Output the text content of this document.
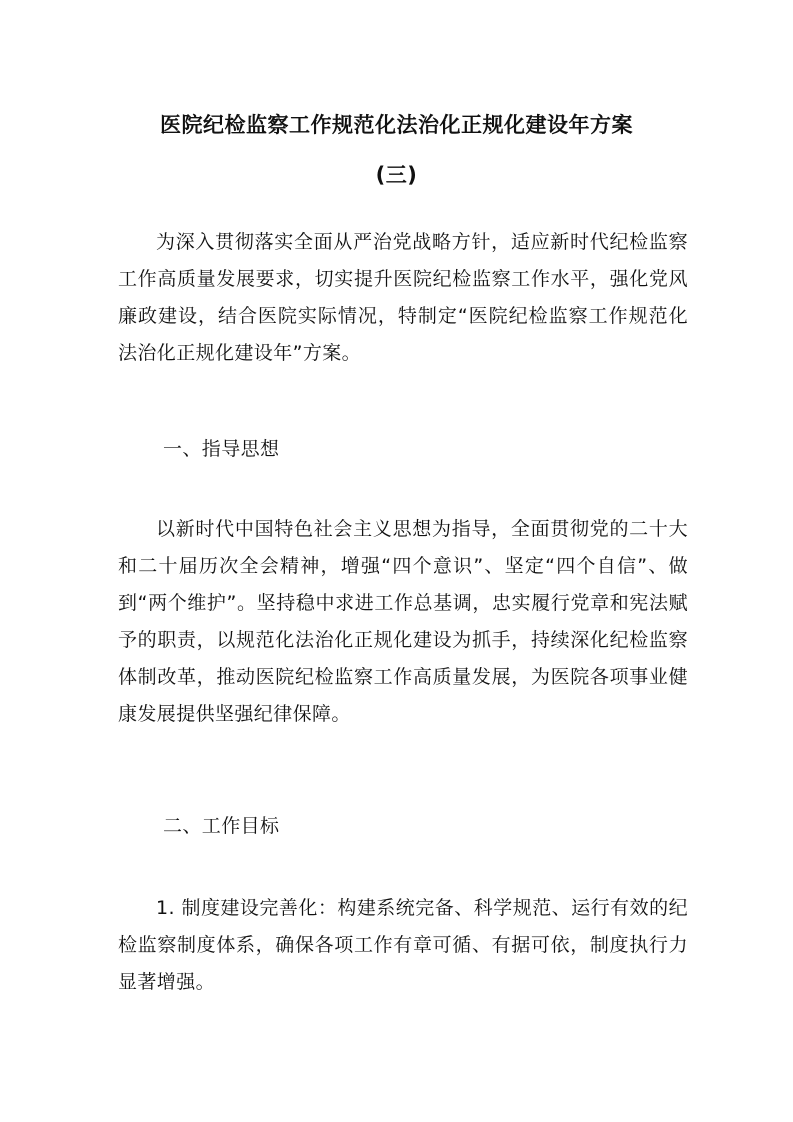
医院纪检监察工作规范化法治化正规化建设年方案
(三)

为深入贯彻落实全面从严治党战略方针，适应新时代纪检监察工作高质量发展要求，切实提升医院纪检监察工作水平，强化党风廉政建设，结合医院实际情况，特制定“医院纪检监察工作规范化法治化正规化建设年”方案。

一、指导思想

以新时代中国特色社会主义思想为指导，全面贯彻党的二十大和二十届历次全会精神，增强“四个意识”、坚定“四个自信”、做到“两个维护”。坚持稳中求进工作总基调，忠实履行党章和宪法赋予的职责，以规范化法治化正规化建设为抓手，持续深化纪检监察体制改革，推动医院纪检监察工作高质量发展，为医院各项事业健康发展提供坚强纪律保障。

二、工作目标

1. 制度建设完善化：构建系统完备、科学规范、运行有效的纪检监察制度体系，确保各项工作有章可循、有据可依，制度执行力显著增强。
